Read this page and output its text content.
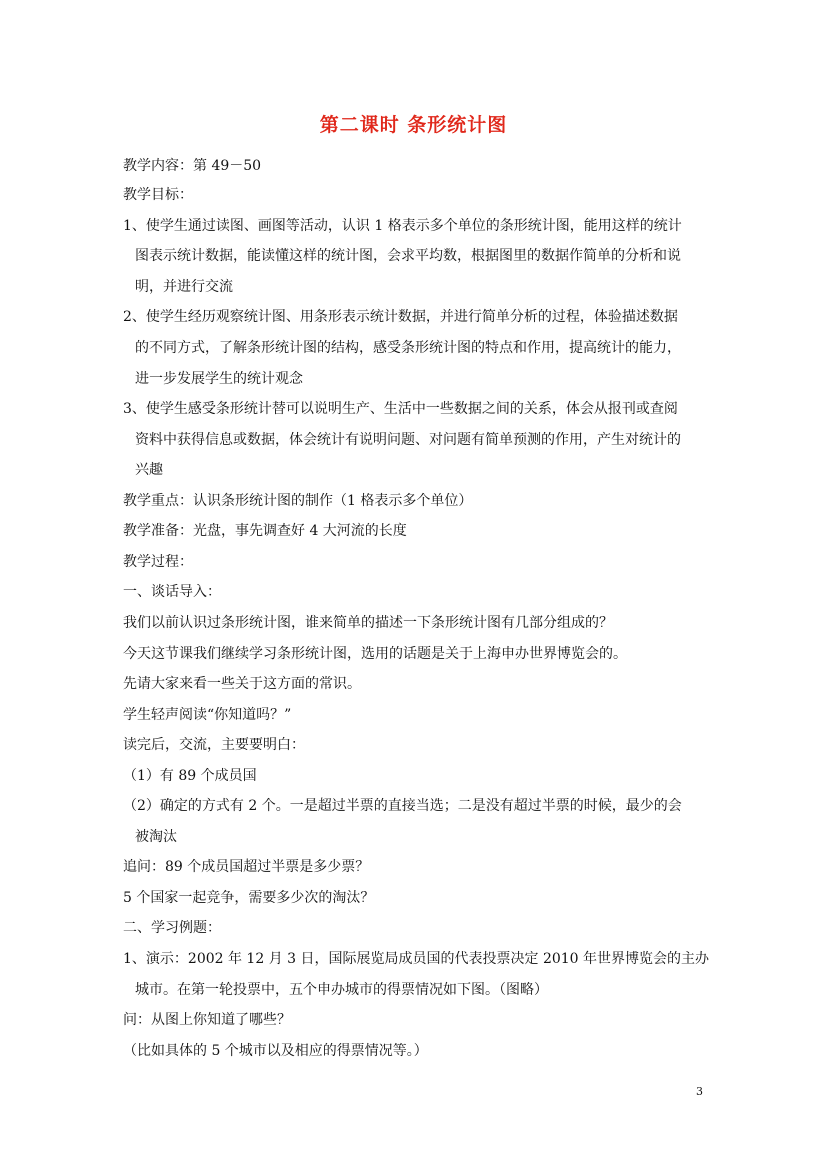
第二课时 条形统计图
教学内容：第 49－50
教学目标：
1、使学生通过读图、画图等活动，认识 1 格表示多个单位的条形统计图，能用这样的统计
图表示统计数据，能读懂这样的统计图，会求平均数，根据图里的数据作简单的分析和说
明，并进行交流
2、使学生经历观察统计图、用条形表示统计数据，并进行简单分析的过程，体验描述数据
的不同方式，了解条形统计图的结构，感受条形统计图的特点和作用，提高统计的能力，
进一步发展学生的统计观念
3、使学生感受条形统计替可以说明生产、生活中一些数据之间的关系，体会从报刊或查阅
资料中获得信息或数据，体会统计有说明问题、对问题有简单预测的作用，产生对统计的
兴趣
教学重点：认识条形统计图的制作（1 格表示多个单位）
教学准备：光盘，事先调查好 4 大河流的长度
教学过程：
一、谈话导入：
我们以前认识过条形统计图，谁来简单的描述一下条形统计图有几部分组成的？
今天这节课我们继续学习条形统计图，选用的话题是关于上海申办世界博览会的。
先请大家来看一些关于这方面的常识。
学生轻声阅读“你知道吗？”
读完后，交流，主要要明白：
（1）有 89 个成员国
（2）确定的方式有 2 个。一是超过半票的直接当选；二是没有超过半票的时候，最少的会
被淘汰
追问：89 个成员国超过半票是多少票？
5 个国家一起竞争，需要多少次的淘汰？
二、学习例题：
1、演示：2002 年 12 月 3 日，国际展览局成员国的代表投票决定 2010 年世界博览会的主办
城市。在第一轮投票中，五个申办城市的得票情况如下图。（图略）
问：从图上你知道了哪些？
（比如具体的 5 个城市以及相应的得票情况等。）
3
